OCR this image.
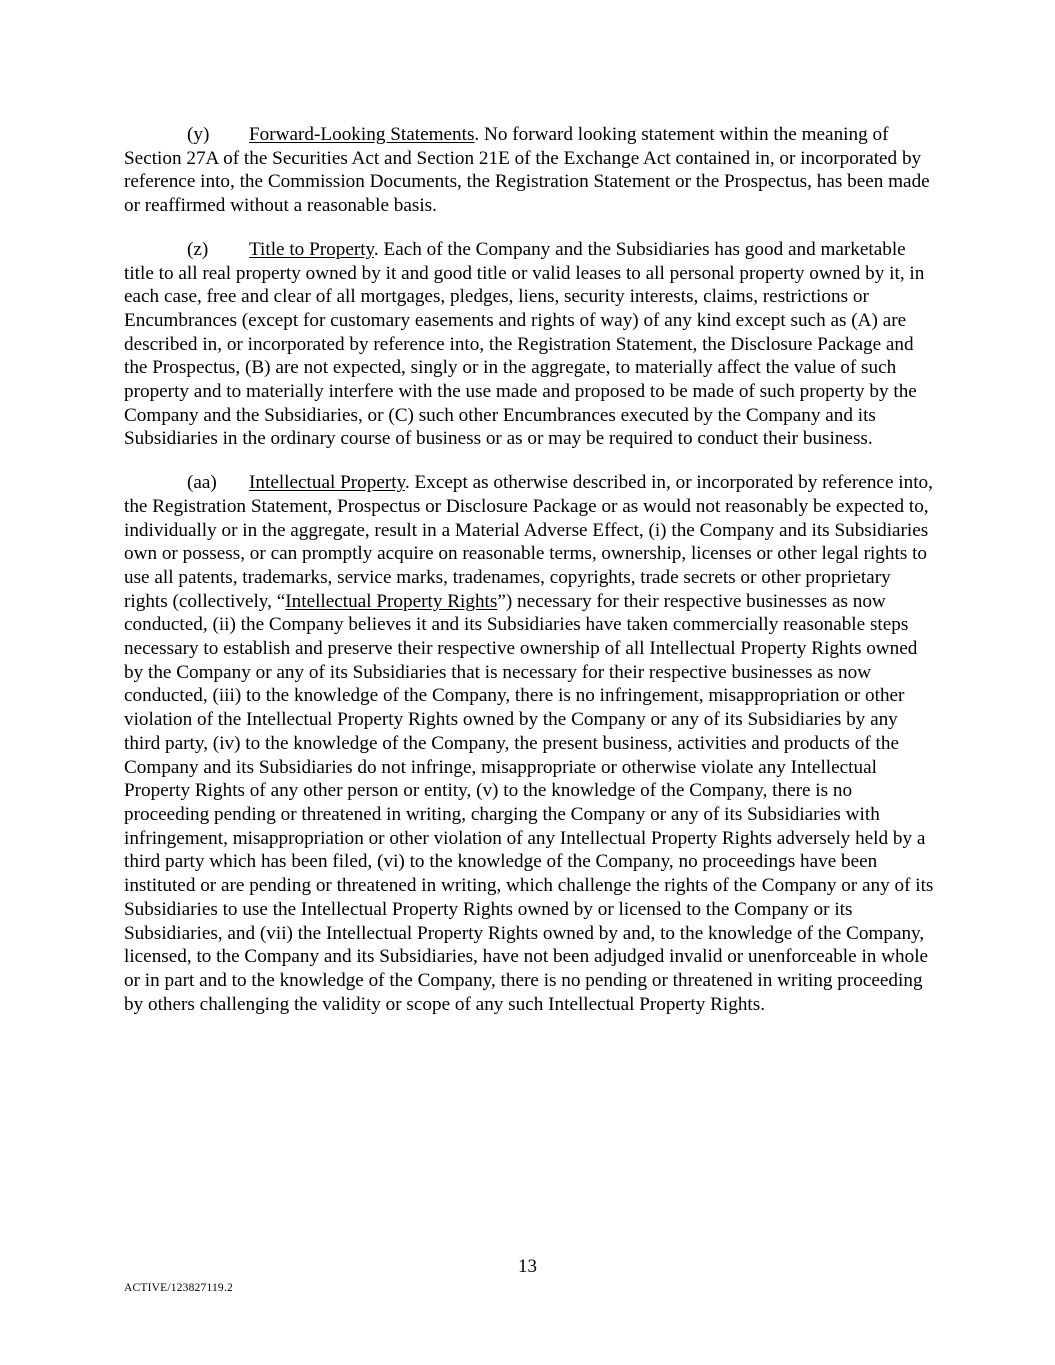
(y) Forward-Looking Statements. No forward looking statement within the meaning of Section 27A of the Securities Act and Section 21E of the Exchange Act contained in, or incorporated by reference into, the Commission Documents, the Registration Statement or the Prospectus, has been made or reaffirmed without a reasonable basis.

(z) Title to Property. Each of the Company and the Subsidiaries has good and marketable title to all real property owned by it and good title or valid leases to all personal property owned by it, in each case, free and clear of all mortgages, pledges, liens, security interests, claims, restrictions or Encumbrances (except for customary easements and rights of way) of any kind except such as (A) are described in, or incorporated by reference into, the Registration Statement, the Disclosure Package and the Prospectus, (B) are not expected, singly or in the aggregate, to materially affect the value of such property and to materially interfere with the use made and proposed to be made of such property by the Company and the Subsidiaries, or (C) such other Encumbrances executed by the Company and its Subsidiaries in the ordinary course of business or as or may be required to conduct their business.

(aa) Intellectual Property. Except as otherwise described in, or incorporated by reference into, the Registration Statement, Prospectus or Disclosure Package or as would not reasonably be expected to, individually or in the aggregate, result in a Material Adverse Effect, (i) the Company and its Subsidiaries own or possess, or can promptly acquire on reasonable terms, ownership, licenses or other legal rights to use all patents, trademarks, service marks, tradenames, copyrights, trade secrets or other proprietary rights (collectively, “Intellectual Property Rights”) necessary for their respective businesses as now conducted, (ii) the Company believes it and its Subsidiaries have taken commercially reasonable steps necessary to establish and preserve their respective ownership of all Intellectual Property Rights owned by the Company or any of its Subsidiaries that is necessary for their respective businesses as now conducted, (iii) to the knowledge of the Company, there is no infringement, misappropriation or other violation of the Intellectual Property Rights owned by the Company or any of its Subsidiaries by any third party, (iv) to the knowledge of the Company, the present business, activities and products of the Company and its Subsidiaries do not infringe, misappropriate or otherwise violate any Intellectual Property Rights of any other person or entity, (v) to the knowledge of the Company, there is no proceeding pending or threatened in writing, charging the Company or any of its Subsidiaries with infringement, misappropriation or other violation of any Intellectual Property Rights adversely held by a third party which has been filed, (vi) to the knowledge of the Company, no proceedings have been instituted or are pending or threatened in writing, which challenge the rights of the Company or any of its Subsidiaries to use the Intellectual Property Rights owned by or licensed to the Company or its Subsidiaries, and (vii) the Intellectual Property Rights owned by and, to the knowledge of the Company, licensed, to the Company and its Subsidiaries, have not been adjudged invalid or unenforceable in whole or in part and to the knowledge of the Company, there is no pending or threatened in writing proceeding by others challenging the validity or scope of any such Intellectual Property Rights.

13
ACTIVE/123827119.2
